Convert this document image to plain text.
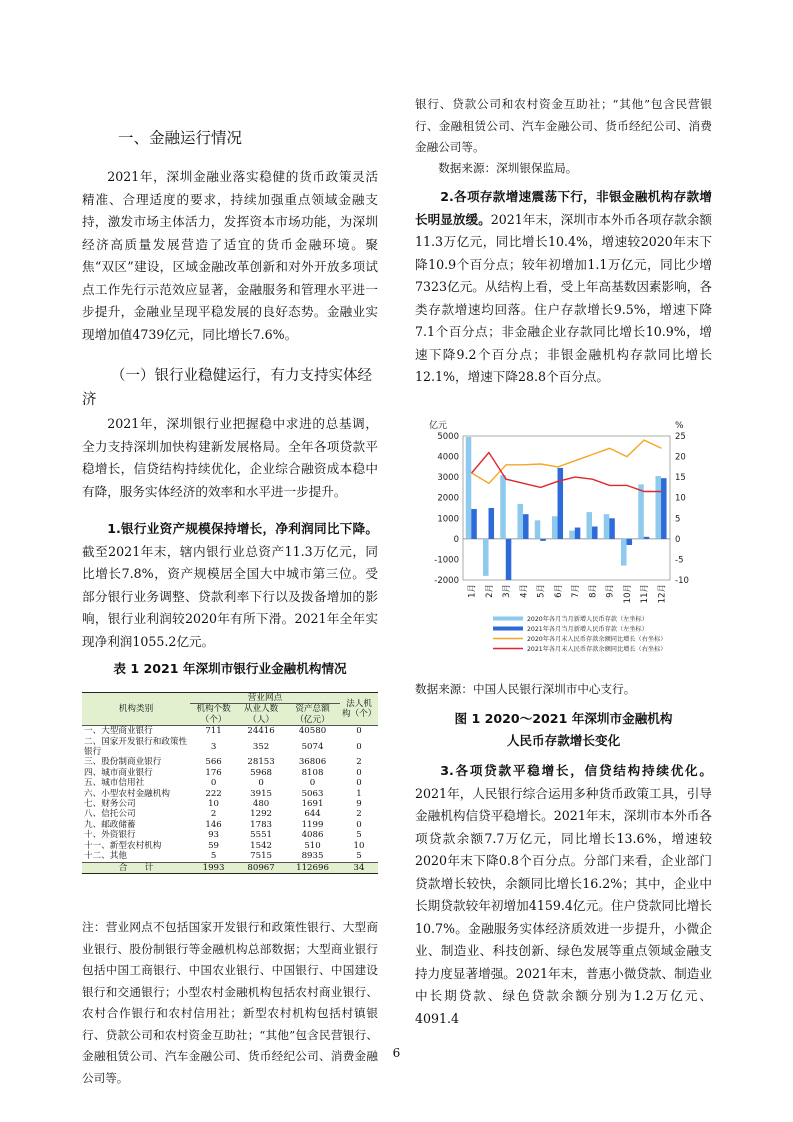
一、金融运行情况

2021年，深圳金融业落实稳健的货币政策灵活精准、合理适度的要求，持续加强重点领域金融支持，激发市场主体活力，发挥资本市场功能，为深圳经济高质量发展营造了适宜的货币金融环境。聚焦“双区”建设，区域金融改革创新和对外开放多项试点工作先行示范效应显著，金融服务和管理水平进一步提升，金融业呈现平稳发展的良好态势。金融业实现增加值4739亿元，同比增长7.6%。

（一）银行业稳健运行，有力支持实体经济

2021年，深圳银行业把握稳中求进的总基调，全力支持深圳加快构建新发展格局。全年各项贷款平稳增长，信贷结构持续优化，企业综合融资成本稳中有降，服务实体经济的效率和水平进一步提升。

1.银行业资产规模保持增长，净利润同比下降。截至2021年末，辖内银行业总资产11.3万亿元，同比增长7.8%，资产规模居全国大中城市第三位。受部分银行业务调整、贷款利率下行以及拨备增加的影响，银行业利润较2020年有所下滑。2021年全年实现净利润1055.2亿元。

表 1 2021 年深圳市银行业金融机构情况
机构类别	营业网点			法人机构（个）
	机构个数（个）	从业人数（人）	资产总额（亿元）	
一、大型商业银行	711	24416	40580	0
二、国家开发银行和政策性银行	3	352	5074	0
三、股份制商业银行	566	28153	36806	2
四、城市商业银行	176	5968	8108	0
五、城市信用社	0	0	0	0
六、小型农村金融机构	222	3915	5063	1
七、财务公司	10	480	1691	9
八、信托公司	2	1292	644	2
九、邮政储蓄	146	1783	1199	0
十、外资银行	93	5551	4086	5
十一、新型农村机构	59	1542	510	10
十二、其他	5	7515	8935	5
合　　计	1993	80967	112696	34

注：营业网点不包括国家开发银行和政策性银行、大型商业银行、股份制银行等金融机构总部数据；大型商业银行包括中国工商银行、中国农业银行、中国银行、中国建设银行和交通银行；小型农村金融机构包括农村商业银行、农村合作银行和农村信用社；新型农村机构包括村镇银行、贷款公司和农村资金互助社；“其他”包含民营银行、金融租赁公司、汽车金融公司、货币经纪公司、消费金融公司等。

数据来源：深圳银保监局。

2.各项存款增速震荡下行，非银金融机构存款增长明显放缓。2021年末，深圳市本外币各项存款余额11.3万亿元，同比增长10.4%，增速较2020年末下降10.9个百分点；较年初增加1.1万亿元，同比少增7323亿元。从结构上看，受上年高基数因素影响，各类存款增速均回落。住户存款增长9.5%，增速下降7.1个百分点；非金融企业存款同比增长10.9%，增速下降9.2个百分点；非银金融机构存款同比增长12.1%，增速下降28.8个百分点。

亿元	%
-2000
-1000
0
1000
2000
3000
4000
5000
-10
-5
0
5
10
15
20
25
1月 2月 3月 4月 5月 6月 7月 8月 9月 10月 11月 12月
2020年各月当月新增人民币存款（左坐标）
2021年各月当月新增人民币存款（左坐标）
2020年各月末人民币存款余额同比增长（右坐标）
2021年各月末人民币存款余额同比增长（右坐标）
数据来源：中国人民银行深圳市中心支行。
图 1 2020～2021 年深圳市金融机构
人民币存款增长变化

3.各项贷款平稳增长，信贷结构持续优化。2021年，人民银行综合运用多种货币政策工具，引导金融机构信贷平稳增长。2021年末，深圳市本外币各项贷款余额7.7万亿元，同比增长13.6%，增速较2020年末下降0.8个百分点。分部门来看，企业部门贷款增长较快，余额同比增长16.2%；其中，企业中长期贷款较年初增加4159.4亿元。住户贷款同比增长10.7%。金融服务实体经济质效进一步提升，小微企业、制造业、科技创新、绿色发展等重点领域金融支持力度显著增强。2021年末，普惠小微贷款、制造业中长期贷款、绿色贷款余额分别为1.2万亿元、4091.4

银行、贷款公司和农村资金互助社；“其他”包含民营银行、金融租赁公司、汽车金融公司、货币经纪公司、消费金融公司等。

6
